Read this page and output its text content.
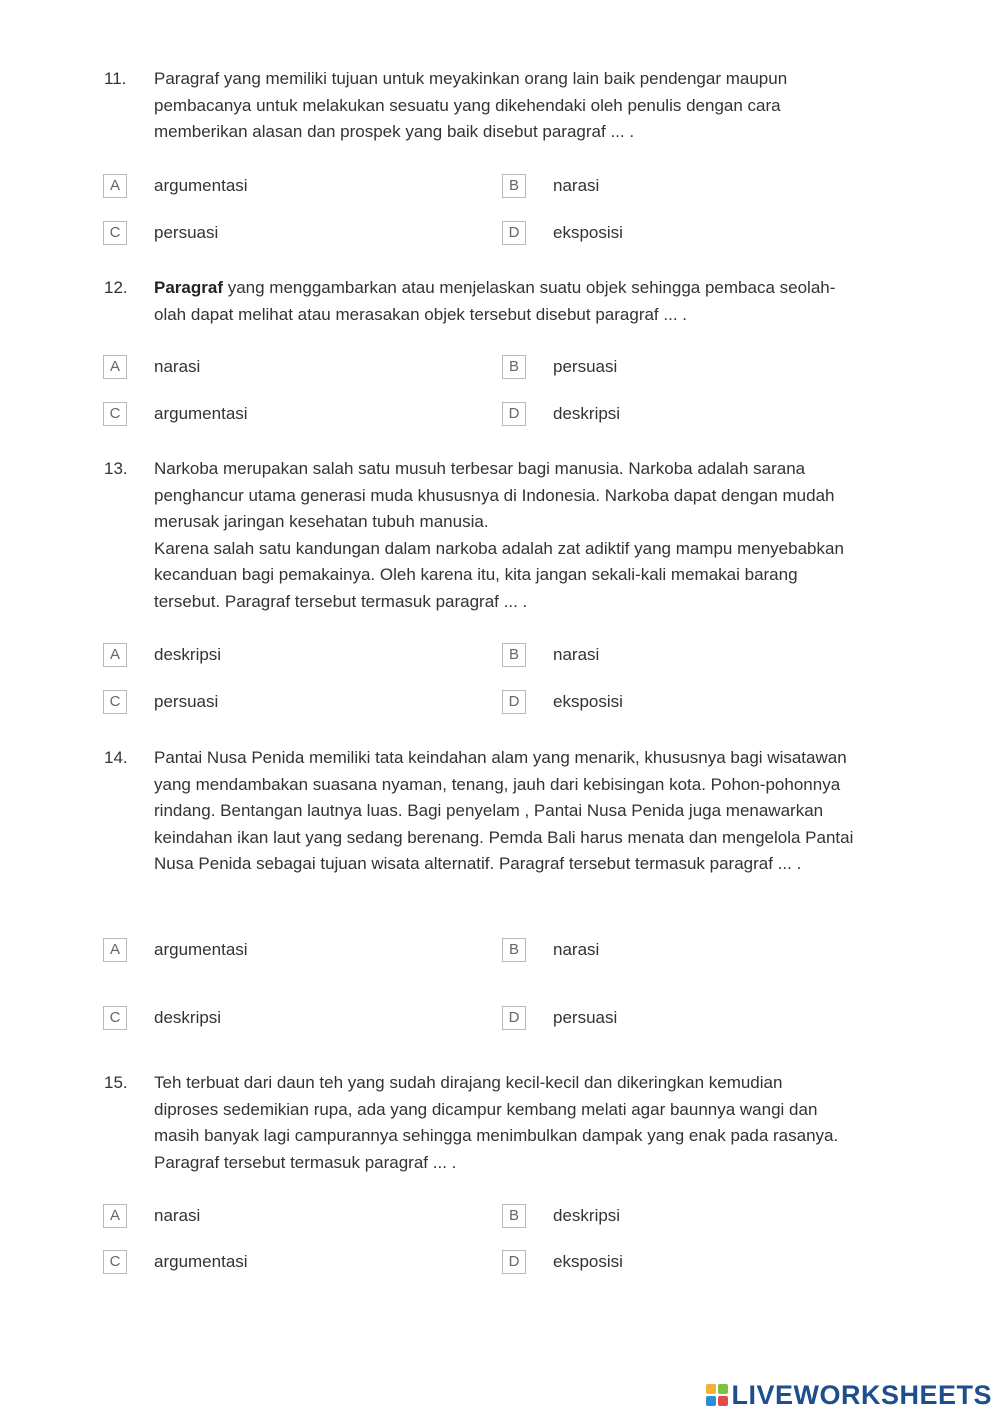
11. Paragraf yang memiliki tujuan untuk meyakinkan orang lain baik pendengar maupun
pembacanya untuk melakukan sesuatu yang dikehendaki oleh penulis dengan cara
memberikan alasan dan prospek yang baik disebut paragraf ... .
A	argumentasi	B	narasi
C	persuasi	D	eksposisi
12. Paragraf yang menggambarkan atau menjelaskan suatu objek sehingga pembaca seolah-
olah dapat melihat atau merasakan objek tersebut disebut paragraf ... .
A	narasi	B	persuasi
C	argumentasi	D	deskripsi
13. Narkoba merupakan salah satu musuh terbesar bagi manusia. Narkoba adalah sarana
penghancur utama generasi muda khususnya di Indonesia. Narkoba dapat dengan mudah
merusak jaringan kesehatan tubuh manusia.
Karena salah satu kandungan dalam narkoba adalah zat adiktif yang mampu menyebabkan
kecanduan bagi pemakainya. Oleh karena itu, kita jangan sekali-kali memakai barang
tersebut. Paragraf tersebut termasuk paragraf ... .
A	deskripsi	B	narasi
C	persuasi	D	eksposisi
14. Pantai Nusa Penida memiliki tata keindahan alam yang menarik, khususnya bagi wisatawan
yang mendambakan suasana nyaman, tenang, jauh dari kebisingan kota. Pohon-pohonnya
rindang. Bentangan lautnya luas. Bagi penyelam , Pantai Nusa Penida juga menawarkan
keindahan ikan laut yang sedang berenang. Pemda Bali harus menata dan mengelola Pantai
Nusa Penida sebagai tujuan wisata alternatif. Paragraf tersebut termasuk paragraf ... .
A	argumentasi	B	narasi
C	deskripsi	D	persuasi
15. Teh terbuat dari daun teh yang sudah dirajang kecil-kecil dan dikeringkan kemudian
diproses sedemikian rupa, ada yang dicampur kembang melati agar baunnya wangi dan
masih banyak lagi campurannya sehingga menimbulkan dampak yang enak pada rasanya.
Paragraf tersebut termasuk paragraf ... .
A	narasi	B	deskripsi
C	argumentasi	D	eksposisi
LIVEWORKSHEETS
